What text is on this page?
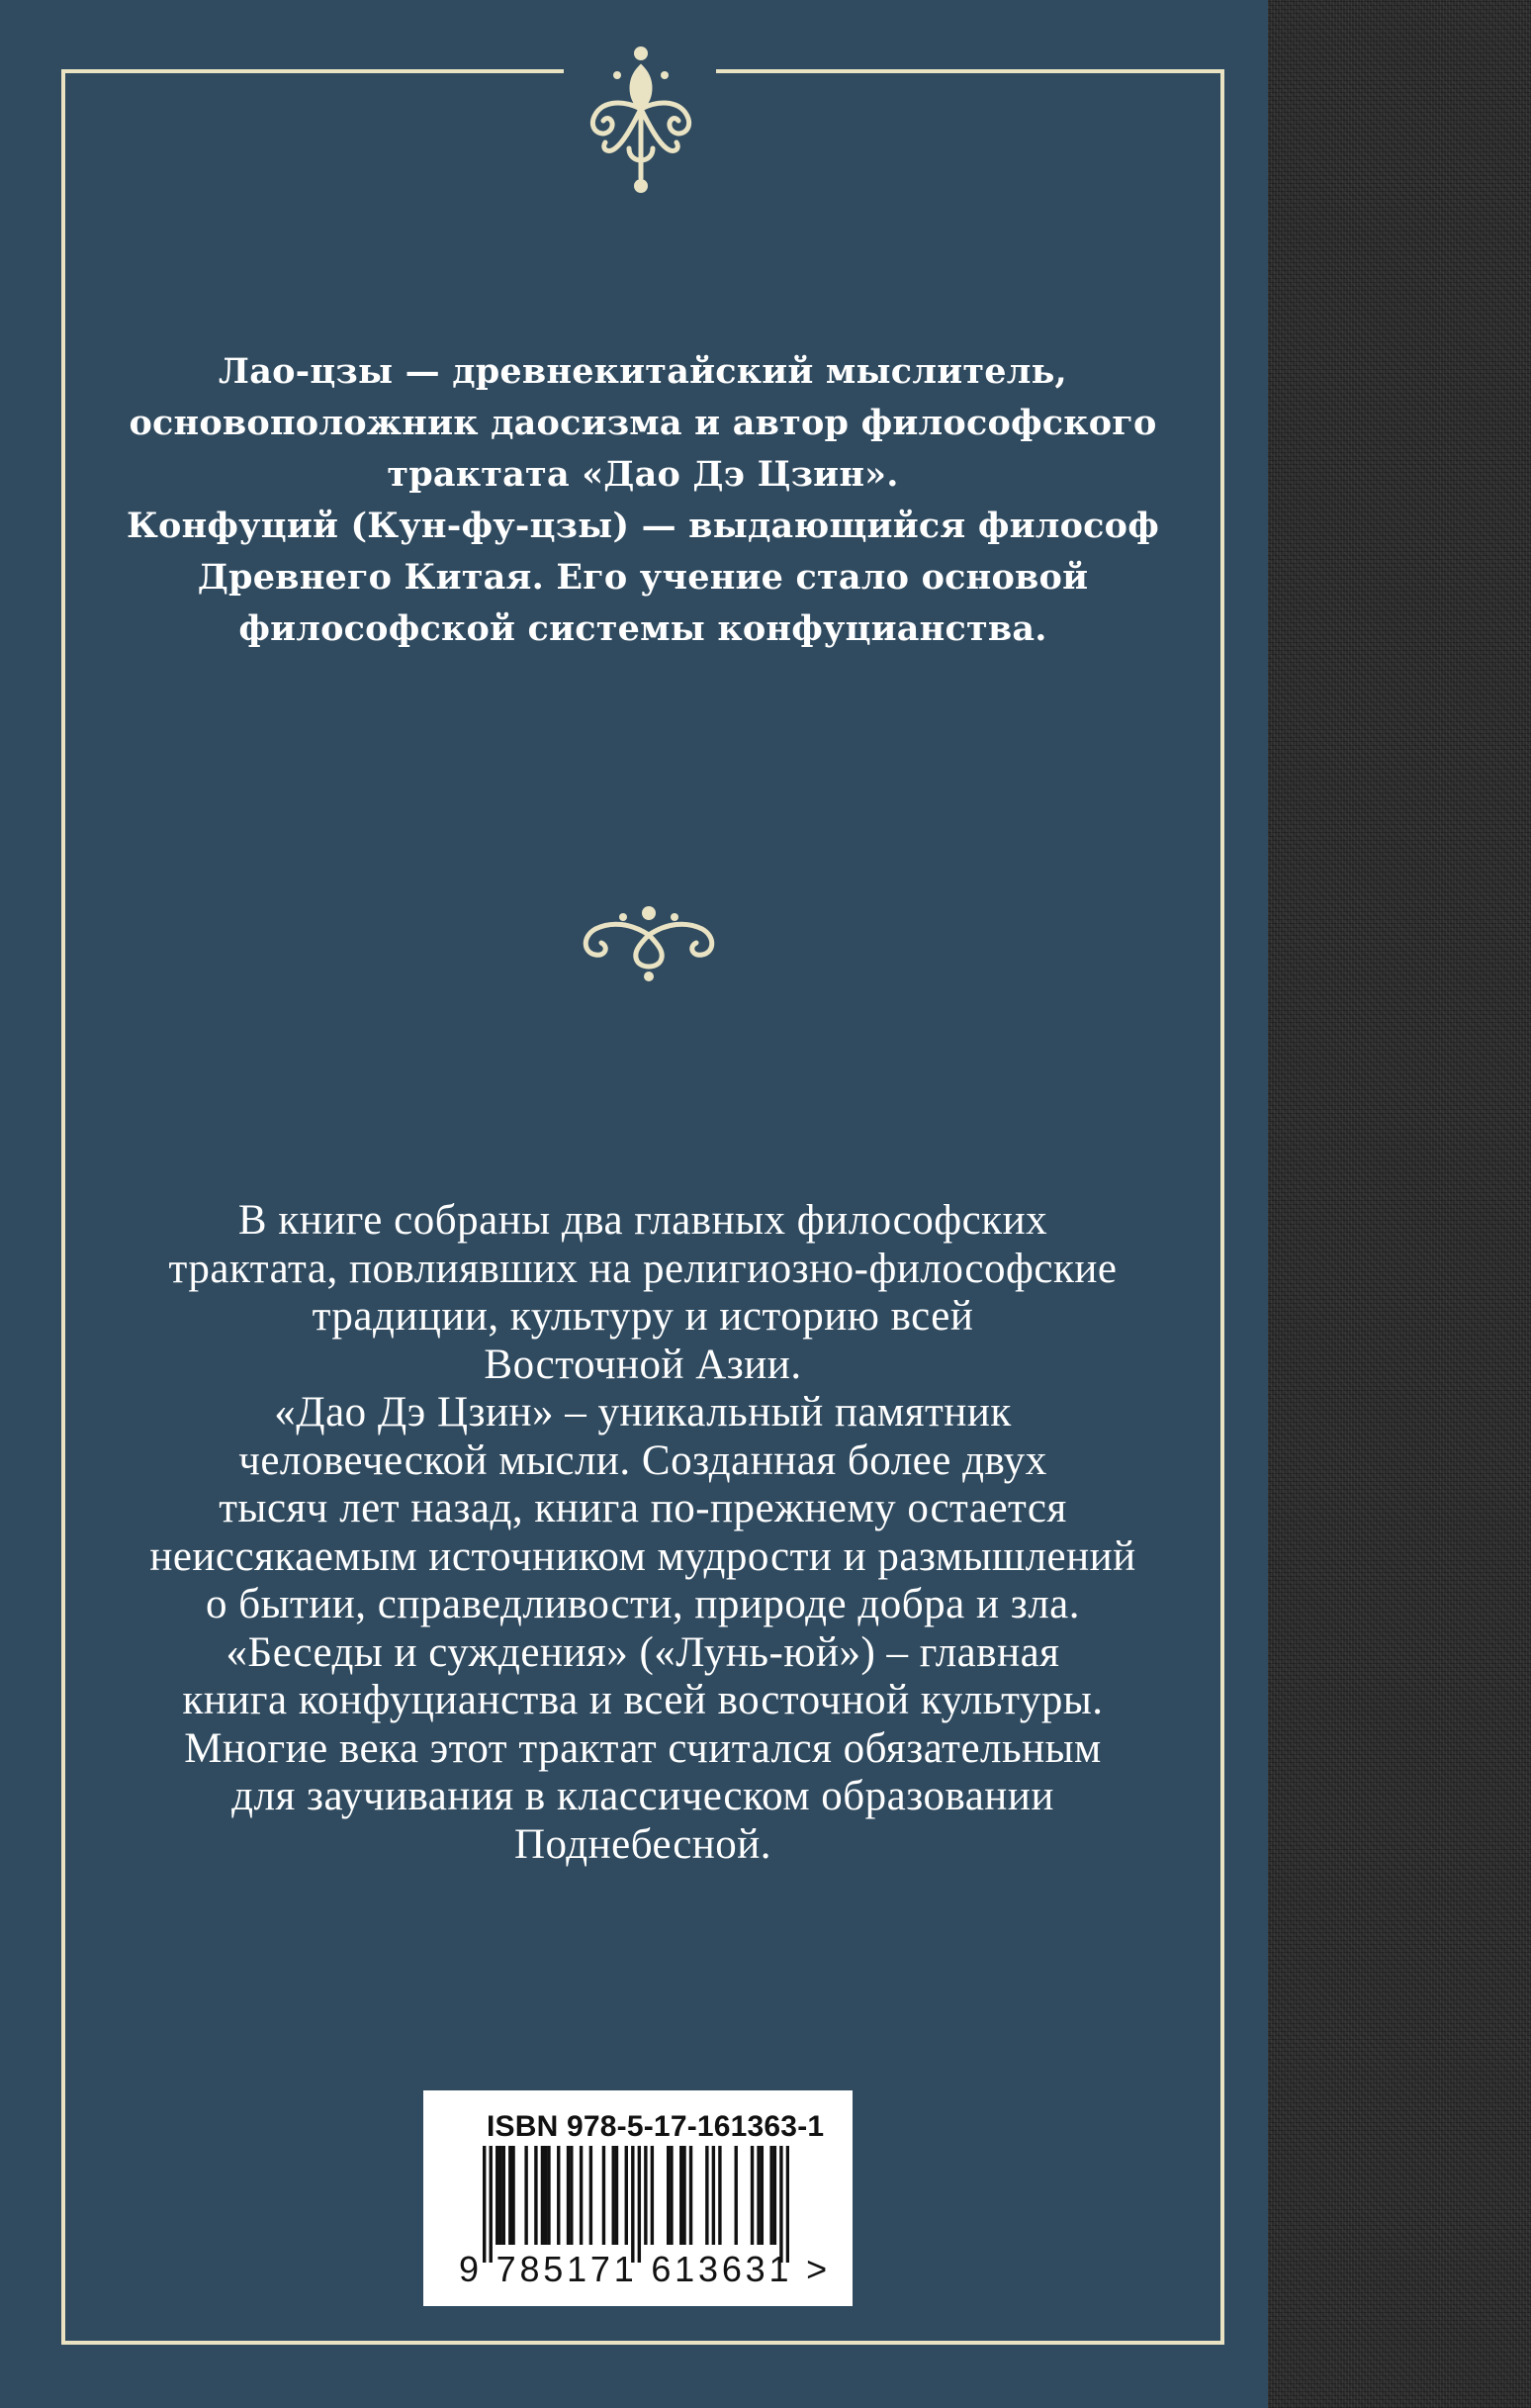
Лао-цзы — древнекитайский мыслитель,
основоположник даосизма и автор философского
трактата «Дао Дэ Цзин».
Конфуций (Кун-фу-цзы) — выдающийся философ
Древнего Китая. Его учение стало основой
философской системы конфуцианства.
В книге собраны два главных философских
трактата, повлиявших на религиозно-философские
традиции, культуру и историю всей
Восточной Азии.
«Дао Дэ Цзин» – уникальный памятник
человеческой мысли. Созданная более двух
тысяч лет назад, книга по-прежнему остается
неиссякаемым источником мудрости и размышлений
о бытии, справедливости, природе добра и зла.
«Беседы и суждения» («Лунь-юй») – главная
книга конфуцианства и всей восточной культуры.
Многие века этот трактат считался обязательным
для заучивания в классическом образовании
Поднебесной.
ISBN 978-5-17-161363-1
9 785171 613631 >
